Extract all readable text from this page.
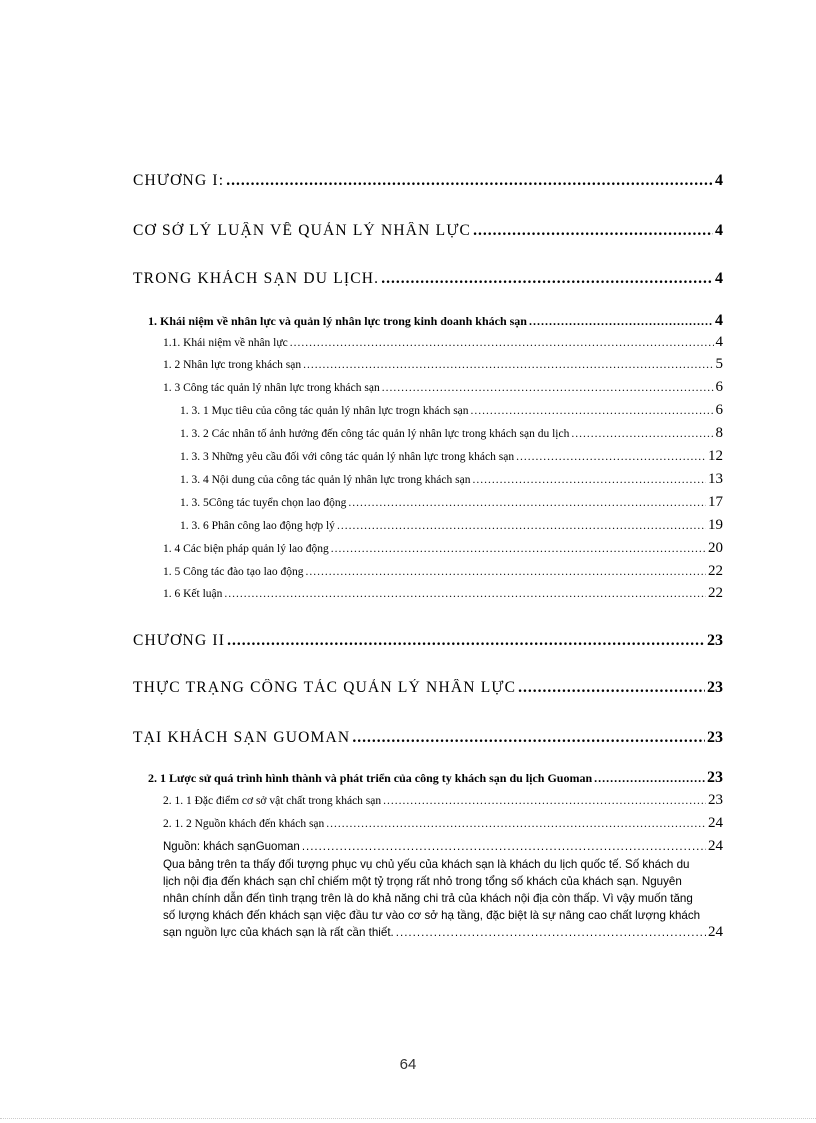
CHƯƠNG I: .....	4
CƠ SỞ LÝ LUẬN VỀ QUẢN LÝ NHÂN LỰC .....	4
TRONG KHÁCH SẠN DU LỊCH. .....	4
1. Khái niệm về nhân lực và quản lý nhân lực trong kinh doanh khách sạn .....	4
1.1. Khái niệm về nhân lực .....	4
1. 2 Nhân lực trong khách sạn .....	5
1. 3 Công tác quản lý nhân lực trong khách sạn .....	6
1. 3. 1 Mục tiêu của công tác quản lý nhân lực trogn khách sạn .....	6
1. 3. 2 Các nhân tố ảnh hưởng đến công tác quản lý nhân lực trong khách sạn du lịch .....	8
1. 3. 3 Những yêu cầu đối với công tác quản lý nhân lực trong khách sạn .....	12
1. 3. 4 Nội dung của công tác quản lý nhân lực trong khách sạn .....	13
1. 3. 5Công tác tuyển chọn lao động .....	17
1. 3. 6 Phân công lao động hợp lý .....	19
1. 4 Các biện pháp quản lý lao động .....	20
1. 5 Công tác đào tạo lao động .....	22
1. 6 Kết luận .....	22
CHƯƠNG II .....	23
THỰC TRẠNG CÔNG TÁC QUẢN LÝ NHÂN LỰC .....	23
TẠI KHÁCH SẠN GUOMAN .....	23
2. 1 Lược sử quá trình hình thành và phát triển của công ty khách sạn du lịch Guoman .....	23
2. 1. 1 Đặc điểm cơ sở vật chất trong khách sạn .....	23
2. 1. 2 Nguồn khách đến khách sạn .....	24
Nguồn: khách sạnGuoman .....	24
Qua bảng trên ta thấy đối tượng phục vụ chủ yếu của khách sạn là khách du lịch quốc tế. Số khách du
lịch nội địa đến khách sạn chỉ chiếm một tỷ trọng rất nhỏ trong tổng số khách của khách sạn. Nguyên
nhân chính dẫn đến tình trạng trên là do khả năng chi trả của khách nội địa còn thấp. Vì vậy muốn tăng
số lượng khách đến khách sạn việc đầu tư vào cơ sở hạ tầng, đặc biệt là sự nâng cao chất lượng khách
sạn nguồn lực của khách sạn là rất cần thiết. .....	24
64
